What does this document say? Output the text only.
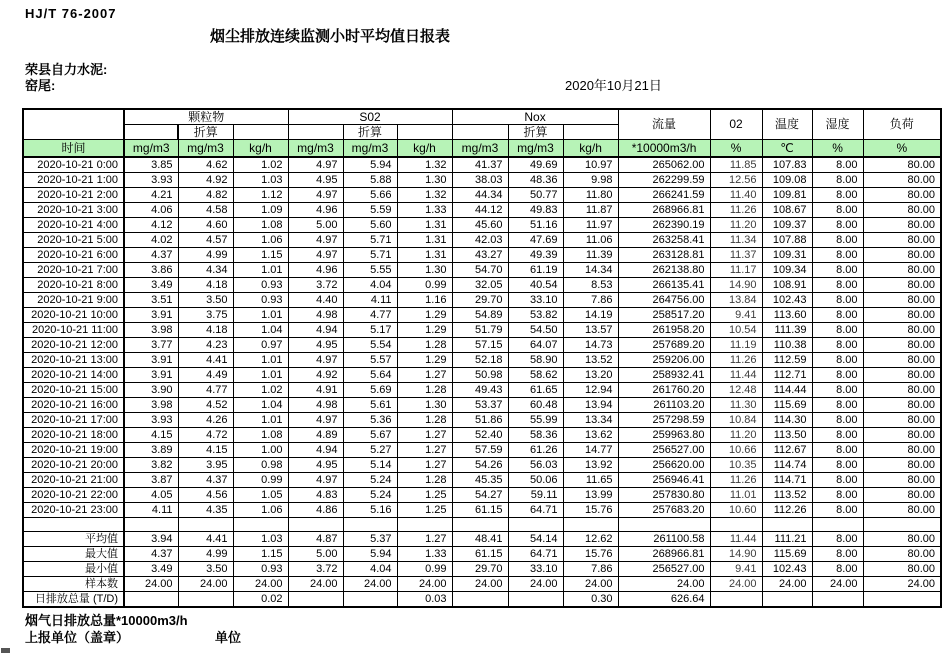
HJ/T 76-2007
烟尘排放连续监测小时平均值日报表
荣县自力水泥:
窑尾:	2020年10月21日
	颗粒物			S02			Nox			流量	02	温度	湿度	负荷
		折算			折算			折算						
时间	mg/m3	mg/m3	kg/h	mg/m3	mg/m3	kg/h	mg/m3	mg/m3	kg/h	*10000m3/h	%	℃	%	%
2020-10-21 0:00	3.85	4.62	1.02	4.97	5.94	1.32	41.37	49.69	10.97	265062.00	11.85	107.83	8.00	80.00
2020-10-21 1:00	3.93	4.92	1.03	4.95	5.88	1.30	38.03	48.36	9.98	262299.59	12.56	109.08	8.00	80.00
2020-10-21 2:00	4.21	4.82	1.12	4.97	5.66	1.32	44.34	50.77	11.80	266241.59	11.40	109.81	8.00	80.00
2020-10-21 3:00	4.06	4.58	1.09	4.96	5.59	1.33	44.12	49.83	11.87	268966.81	11.26	108.67	8.00	80.00
2020-10-21 4:00	4.12	4.60	1.08	5.00	5.60	1.31	45.60	51.16	11.97	262390.19	11.20	109.37	8.00	80.00
2020-10-21 5:00	4.02	4.57	1.06	4.97	5.71	1.31	42.03	47.69	11.06	263258.41	11.34	107.88	8.00	80.00
2020-10-21 6:00	4.37	4.99	1.15	4.97	5.71	1.31	43.27	49.39	11.39	263128.81	11.37	109.31	8.00	80.00
2020-10-21 7:00	3.86	4.34	1.01	4.96	5.55	1.30	54.70	61.19	14.34	262138.80	11.17	109.34	8.00	80.00
2020-10-21 8:00	3.49	4.18	0.93	3.72	4.04	0.99	32.05	40.54	8.53	266135.41	14.90	108.91	8.00	80.00
2020-10-21 9:00	3.51	3.50	0.93	4.40	4.11	1.16	29.70	33.10	7.86	264756.00	13.84	102.43	8.00	80.00
2020-10-21 10:00	3.91	3.75	1.01	4.98	4.77	1.29	54.89	53.82	14.19	258517.20	9.41	113.60	8.00	80.00
2020-10-21 11:00	3.98	4.18	1.04	4.94	5.17	1.29	51.79	54.50	13.57	261958.20	10.54	111.39	8.00	80.00
2020-10-21 12:00	3.77	4.23	0.97	4.95	5.54	1.28	57.15	64.07	14.73	257689.20	11.19	110.38	8.00	80.00
2020-10-21 13:00	3.91	4.41	1.01	4.97	5.57	1.29	52.18	58.90	13.52	259206.00	11.26	112.59	8.00	80.00
2020-10-21 14:00	3.91	4.49	1.01	4.92	5.64	1.27	50.98	58.62	13.20	258932.41	11.44	112.71	8.00	80.00
2020-10-21 15:00	3.90	4.77	1.02	4.91	5.69	1.28	49.43	61.65	12.94	261760.20	12.48	114.44	8.00	80.00
2020-10-21 16:00	3.98	4.52	1.04	4.98	5.61	1.30	53.37	60.48	13.94	261103.20	11.30	115.69	8.00	80.00
2020-10-21 17:00	3.93	4.26	1.01	4.97	5.36	1.28	51.86	55.99	13.34	257298.59	10.84	114.30	8.00	80.00
2020-10-21 18:00	4.15	4.72	1.08	4.89	5.67	1.27	52.40	58.36	13.62	259963.80	11.20	113.50	8.00	80.00
2020-10-21 19:00	3.89	4.15	1.00	4.94	5.27	1.27	57.59	61.26	14.77	256527.00	10.66	112.67	8.00	80.00
2020-10-21 20:00	3.82	3.95	0.98	4.95	5.14	1.27	54.26	56.03	13.92	256620.00	10.35	114.74	8.00	80.00
2020-10-21 21:00	3.87	4.37	0.99	4.97	5.24	1.28	45.35	50.06	11.65	256946.41	11.26	114.71	8.00	80.00
2020-10-21 22:00	4.05	4.56	1.05	4.83	5.24	1.25	54.27	59.11	13.99	257830.80	11.01	113.52	8.00	80.00
2020-10-21 23:00	4.11	4.35	1.06	4.86	5.16	1.25	61.15	64.71	15.76	257683.20	10.60	112.26	8.00	80.00

平均值	3.94	4.41	1.03	4.87	5.37	1.27	48.41	54.14	12.62	261100.58	11.44	111.21	8.00	80.00
最大值	4.37	4.99	1.15	5.00	5.94	1.33	61.15	64.71	15.76	268966.81	14.90	115.69	8.00	80.00
最小值	3.49	3.50	0.93	3.72	4.04	0.99	29.70	33.10	7.86	256527.00	9.41	102.43	8.00	80.00
样本数	24.00	24.00	24.00	24.00	24.00	24.00	24.00	24.00	24.00	24.00	24.00	24.00	24.00	24.00
日排放总量 (T/D)			0.02			0.03			0.30	626.64				
烟气日排放总量*10000m3/h
上报单位（盖章）	单位
